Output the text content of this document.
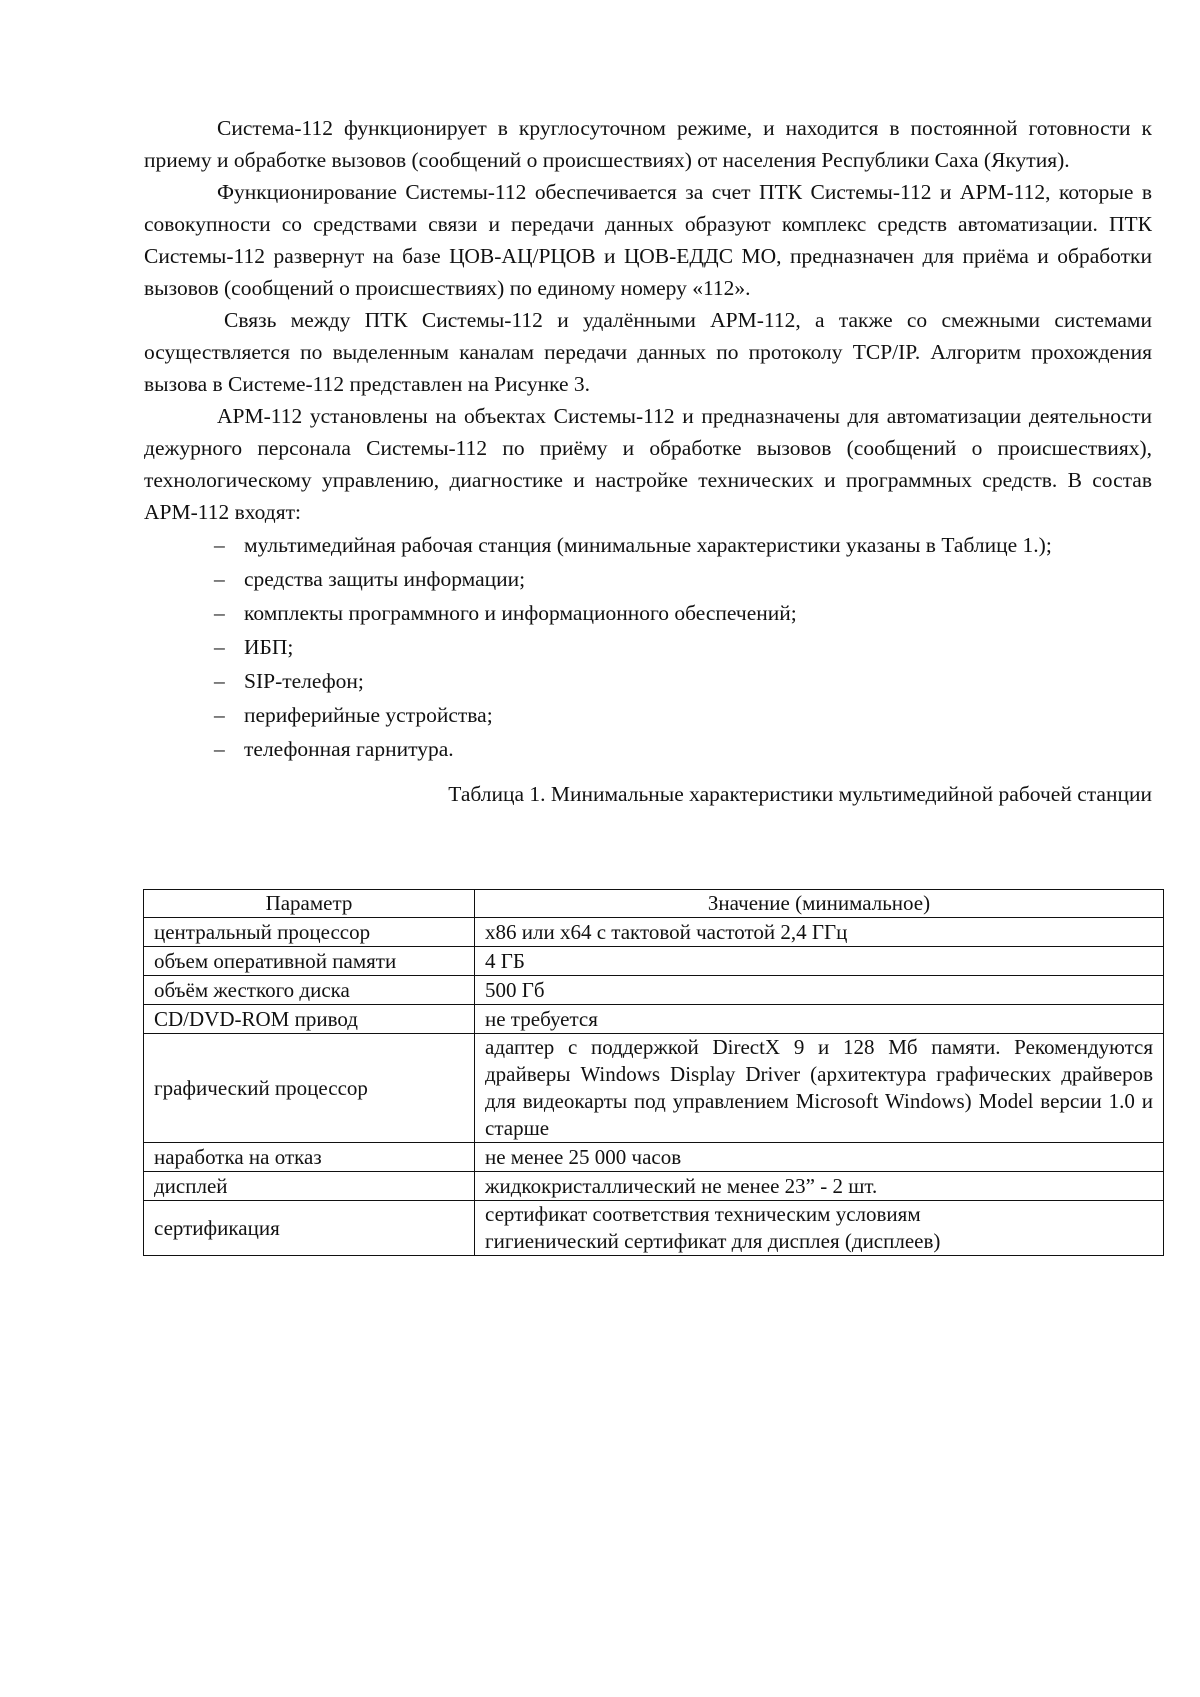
Система-112 функционирует в круглосуточном режиме, и находится в постоянной готовности к приему и обработке вызовов (сообщений о происшествиях) от населения Республики Саха (Якутия).

Функционирование Системы-112 обеспечивается за счет ПТК Системы-112 и АРМ-112, которые в совокупности со средствами связи и передачи данных образуют комплекс средств автоматизации. ПТК Системы-112 развернут на базе ЦОВ-АЦ/РЦОВ и ЦОВ-ЕДДС МО, предназначен для приёма и обработки вызовов (сообщений о происшествиях) по единому номеру «112».

Связь между ПТК Системы-112 и удалёнными АРМ-112, а также со смежными системами осуществляется по выделенным каналам передачи данных по протоколу TCP/IP. Алгоритм прохождения вызова в Системе-112 представлен на Рисунке 3.

АРМ-112 установлены на объектах Системы-112 и предназначены для автоматизации деятельности дежурного персонала Системы-112 по приёму и обработке вызовов (сообщений о происшествиях), технологическому управлению, диагностике и настройке технических и программных средств. В состав АРМ-112 входят:

– мультимедийная рабочая станция (минимальные характеристики указаны в Таблице 1.);
– средства защиты информации;
– комплекты программного и информационного обеспечений;
– ИБП;
– SIP-телефон;
– периферийные устройства;
– телефонная гарнитура.

Таблица 1. Минимальные характеристики мультимедийной рабочей станции

Параметр	Значение (минимальное)
центральный процессор	х86 или х64 с тактовой частотой 2,4 ГГц
объем оперативной памяти	4 ГБ
объём жесткого диска	500 Гб
CD/DVD-ROM привод	не требуется
графический процессор	адаптер с поддержкой DirectX 9 и 128 Мб памяти. Рекомендуются драйверы Windows Display Driver (архитектура графических драйверов для видеокарты под управлением Microsoft Windows) Model версии 1.0 и старше
наработка на отказ	не менее 25 000 часов
дисплей	жидкокристаллический не менее 23” - 2 шт.
сертификация	сертификат соответствия техническим условиям
гигиенический сертификат для дисплея (дисплеев)
